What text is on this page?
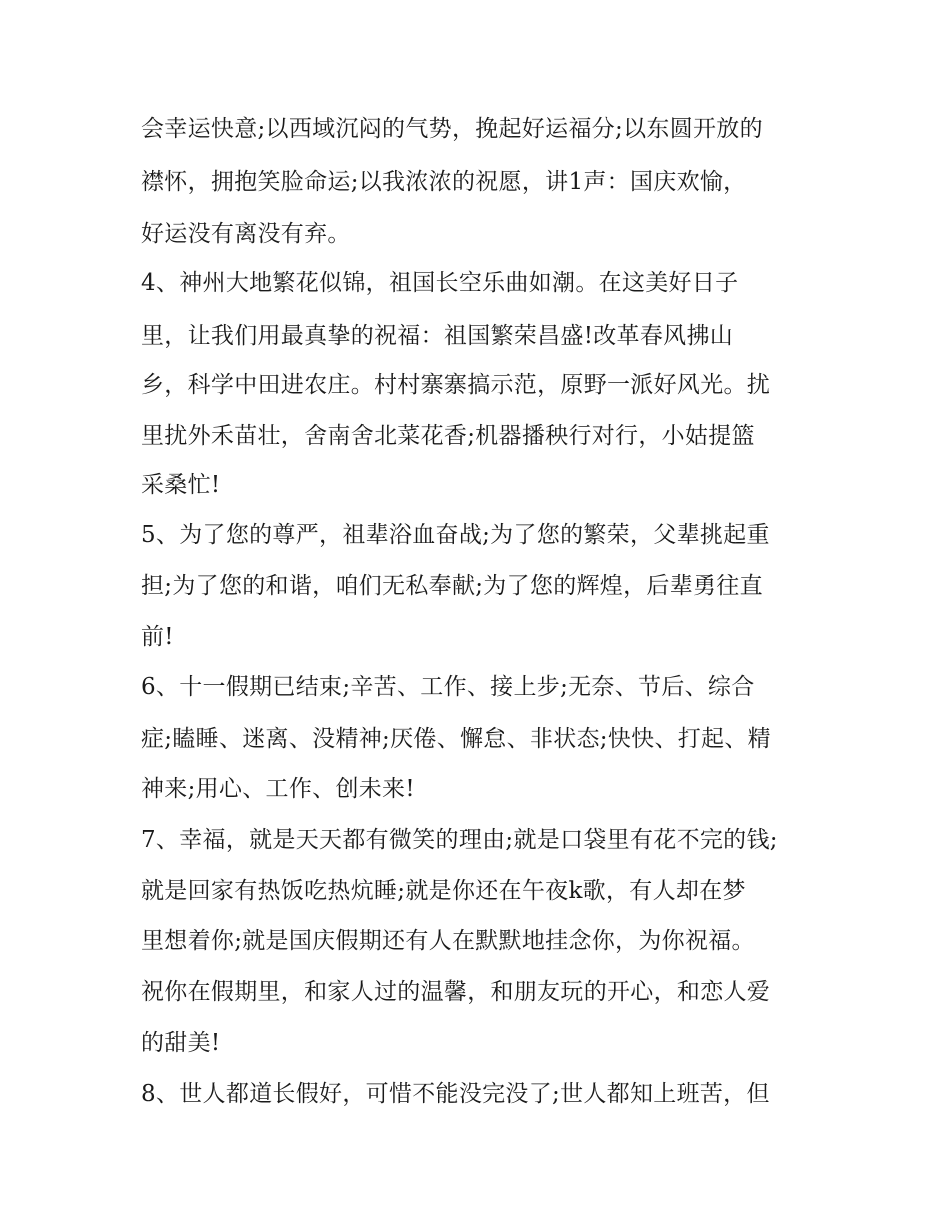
会幸运快意;以西域沉闷的气势，挽起好运福分;以东圆开放的
襟怀，拥抱笑脸命运;以我浓浓的祝愿，讲1声：国庆欢愉，
好运没有离没有弃。
4、神州大地繁花似锦，祖国长空乐曲如潮。在这美好日子
里，让我们用最真挚的祝福：祖国繁荣昌盛!改革春风拂山
乡，科学中田进农庄。村村寨寨搞示范，原野一派好风光。扰
里扰外禾苗壮，舍南舍北菜花香;机器播秧行对行，小姑提篮
采桑忙!
5、为了您的尊严，祖辈浴血奋战;为了您的繁荣，父辈挑起重
担;为了您的和谐，咱们无私奉献;为了您的辉煌，后辈勇往直
前!
6、十一假期已结束;辛苦、工作、接上步;无奈、节后、综合
症;瞌睡、迷离、没精神;厌倦、懈怠、非状态;快快、打起、精
神来;用心、工作、创未来!
7、幸福，就是天天都有微笑的理由;就是口袋里有花不完的钱;
就是回家有热饭吃热炕睡;就是你还在午夜k歌，有人却在梦
里想着你;就是国庆假期还有人在默默地挂念你，为你祝福。
祝你在假期里，和家人过的温馨，和朋友玩的开心，和恋人爱
的甜美!
8、世人都道长假好，可惜不能没完没了;世人都知上班苦，但
